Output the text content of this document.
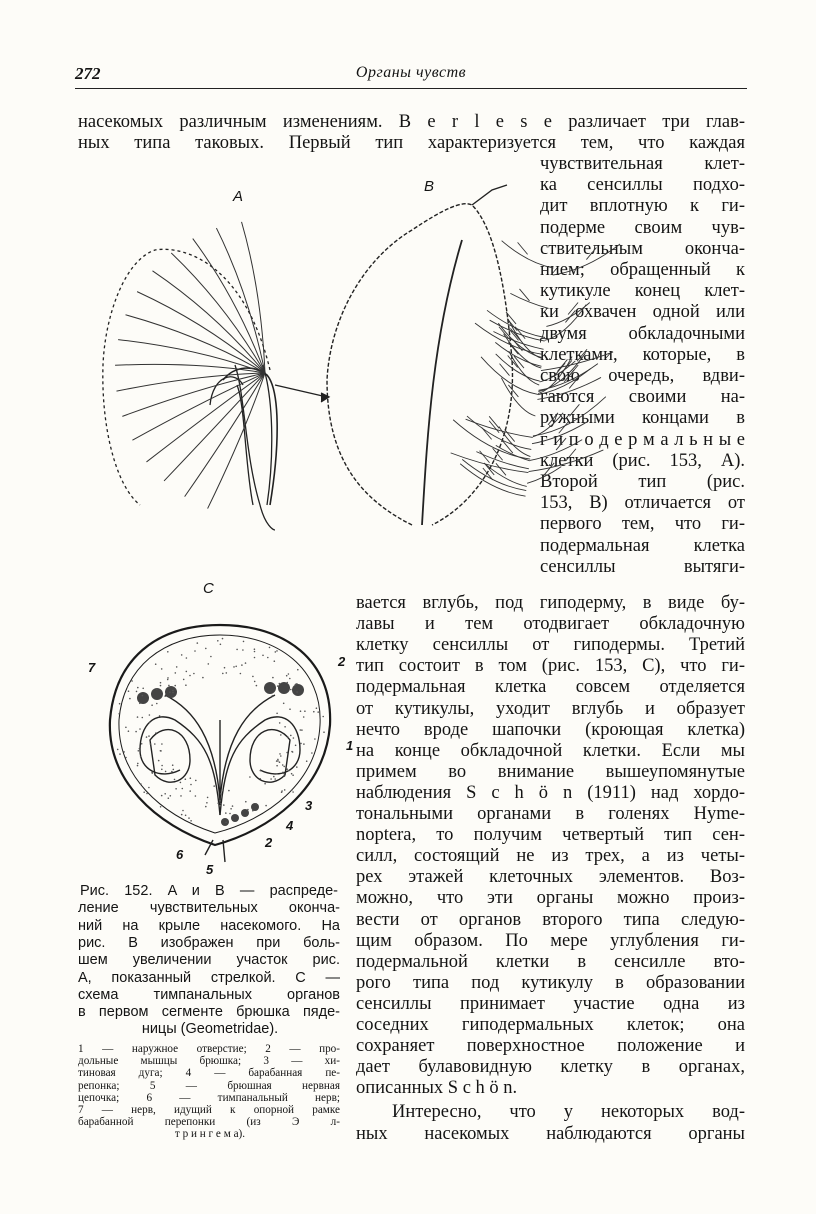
272	Органы чувств
насекомых различным изменениям. B e r l e s e различает три глав-
ных типа таковых. Первый тип характеризуется тем, что каждая
чувствительная клет-
ка сенсиллы подхо-
дит вплотную к ги-
подерме своим чув-
ствительным оконча-
нием; обращенный к
кутикуле конец клет-
ки охвачен одной или
двумя обкладочными
клетками, которые, в
свою очередь, вдви-
гаются своими на-
ружными концами в
г и п о д е р м а л ь н ы е
клетки (рис. 153, A).
Второй тип (рис.
153, B) отличается от
первого тем, что ги-
подермальная клетка
сенсиллы вытяги-
вается вглубь, под гиподерму, в виде бу-
лавы и тем отодвигает обкладочную
клетку сенсиллы от гиподермы. Третий
тип состоит в том (рис. 153, C), что ги-
подермальная клетка совсем отделяется
от кутикулы, уходит вглубь и образует
нечто вроде шапочки (кроющая клетка)
на конце обкладочной клетки. Если мы
примем во внимание вышеупомянутые
наблюдения S c h ö n (1911) над хордо-
тональными органами в голенях Hyme-
noptera, то получим четвертый тип сен-
силл, состоящий не из трех, а из четы-
рех этажей клеточных элементов. Воз-
можно, что эти органы можно произ-
вести от органов второго типа следую-
щим образом. По мере углубления ги-
подермальной клетки в сенсилле вто-
рого типа под кутикулу в образовании
сенсиллы принимает участие одна из
соседних гиподермальных клеток; она
сохраняет поверхностное положение и
дает булавовидную клетку в органах,
описанных S c h ö n.
Интересно, что у некоторых вод-
ных насекомых наблюдаются органы
A
B
C
7	2
1
3
4
2
6
5
Рис. 152. A и B — распреде-
ление чувствительных оконча-
ний на крыле насекомого. На
рис. B изображен при боль-
шем увеличении участок рис.
A, показанный стрелкой. C —
схема тимпанальных органов
в первом сегменте брюшка пяде-
ницы (Geometridae).
1 — наружное отверстие; 2 — про-
дольные мышцы брюшка; 3 — хи-
тиновая дуга; 4 — барабанная пе-
репонка; 5 — брюшная нервная
цепочка; 6 — тимпанальный нерв;
7 — нерв, идущий к опорной рамке
барабанной перепонки (из Э л-
т р и н г е м а).
